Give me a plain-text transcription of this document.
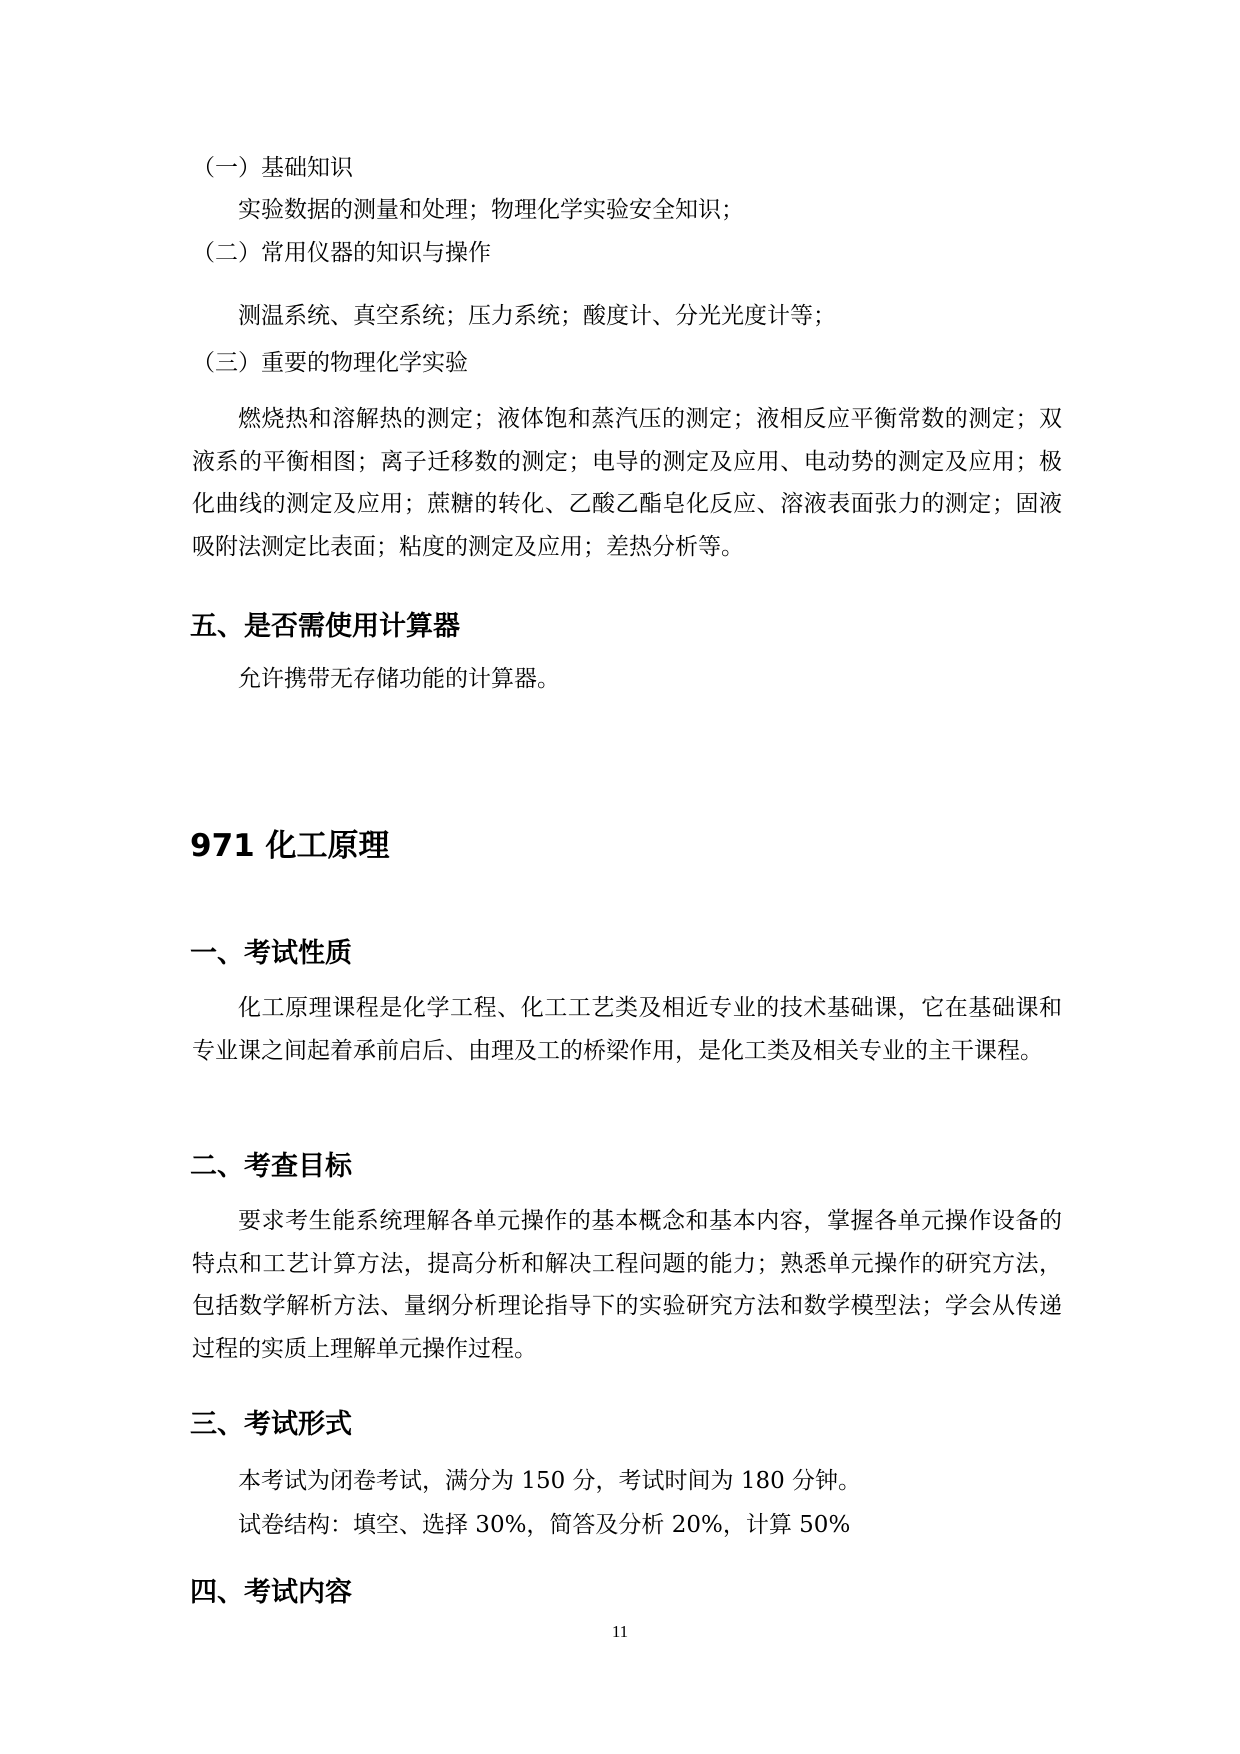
（一）基础知识
实验数据的测量和处理；物理化学实验安全知识；
（二）常用仪器的知识与操作
测温系统、真空系统；压力系统；酸度计、分光光度计等；
（三）重要的物理化学实验
燃烧热和溶解热的测定；液体饱和蒸汽压的测定；液相反应平衡常数的测定；双液系的平衡相图；离子迁移数的测定；电导的测定及应用、电动势的测定及应用；极化曲线的测定及应用；蔗糖的转化、乙酸乙酯皂化反应、溶液表面张力的测定；固液吸附法测定比表面；粘度的测定及应用；差热分析等。
五、是否需使用计算器
允许携带无存储功能的计算器。
971 化工原理
一、考试性质
化工原理课程是化学工程、化工工艺类及相近专业的技术基础课，它在基础课和专业课之间起着承前启后、由理及工的桥梁作用，是化工类及相关专业的主干课程。
二、考查目标
要求考生能系统理解各单元操作的基本概念和基本内容，掌握各单元操作设备的特点和工艺计算方法，提高分析和解决工程问题的能力；熟悉单元操作的研究方法，包括数学解析方法、量纲分析理论指导下的实验研究方法和数学模型法；学会从传递过程的实质上理解单元操作过程。
三、考试形式
本考试为闭卷考试，满分为 150 分，考试时间为 180 分钟。
试卷结构：填空、选择 30%，简答及分析 20%，计算 50%
四、考试内容
11
